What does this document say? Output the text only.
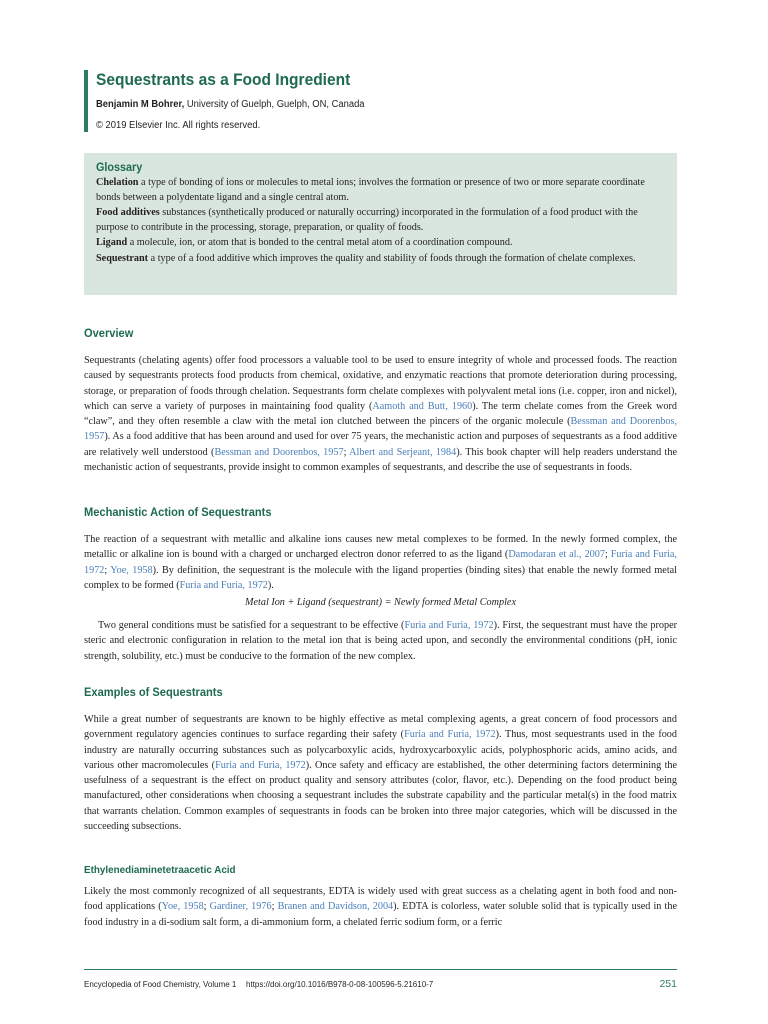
Sequestrants as a Food Ingredient
Benjamin M Bohrer, University of Guelph, Guelph, ON, Canada
© 2019 Elsevier Inc. All rights reserved.
Glossary

Chelation a type of bonding of ions or molecules to metal ions; involves the formation or presence of two or more separate coordinate bonds between a polydentate ligand and a single central atom.

Food additives substances (synthetically produced or naturally occurring) incorporated in the formulation of a food product with the purpose to contribute in the processing, storage, preparation, or quality of foods.

Ligand a molecule, ion, or atom that is bonded to the central metal atom of a coordination compound.

Sequestrant a type of a food additive which improves the quality and stability of foods through the formation of chelate complexes.

Overview

Sequestrants (chelating agents) offer food processors a valuable tool to be used to ensure integrity of whole and processed foods. The reaction caused by sequestrants protects food products from chemical, oxidative, and enzymatic reactions that promote deterioration during processing, storage, or preparation of foods through chelation. Sequestrants form chelate complexes with polyvalent metal ions (i.e. copper, iron and nickel), which can serve a variety of purposes in maintaining food quality (Aamoth and Butt, 1960). The term chelate comes from the Greek word “claw”, and they often resemble a claw with the metal ion clutched between the pincers of the organic molecule (Bessman and Doorenbos, 1957). As a food additive that has been around and used for over 75 years, the mechanistic action and purposes of sequestrants as a food additive are relatively well understood (Bessman and Doorenbos, 1957; Albert and Serjeant, 1984). This book chapter will help readers understand the mechanistic action of sequestrants, provide insight to common examples of sequestrants, and describe the use of sequestrants in foods.

Mechanistic Action of Sequestrants

The reaction of a sequestrant with metallic and alkaline ions causes new metal complexes to be formed. In the newly formed complex, the metallic or alkaline ion is bound with a charged or uncharged electron donor referred to as the ligand (Damodaran et al., 2007; Furia and Furia, 1972; Yoe, 1958). By definition, the sequestrant is the molecule with the ligand properties (binding sites) that enable the newly formed metal complex to be formed (Furia and Furia, 1972).

Metal Ion + Ligand (sequestrant) = Newly formed Metal Complex

Two general conditions must be satisfied for a sequestrant to be effective (Furia and Furia, 1972). First, the sequestrant must have the proper steric and electronic configuration in relation to the metal ion that is being acted upon, and secondly the environmental conditions (pH, ionic strength, solubility, etc.) must be conducive to the formation of the new complex.

Examples of Sequestrants

While a great number of sequestrants are known to be highly effective as metal complexing agents, a great concern of food processors and government regulatory agencies continues to surface regarding their safety (Furia and Furia, 1972). Thus, most sequestrants used in the food industry are naturally occurring substances such as polycarboxylic acids, hydroxycarboxylic acids, polyphosphoric acids, amino acids, and various other macromolecules (Furia and Furia, 1972). Once safety and efficacy are established, the other determining factors determining the usefulness of a sequestrant is the effect on product quality and sensory attributes (color, flavor, etc.). Depending on the food product being manufactured, other considerations when choosing a sequestrant includes the substrate capability and the particular metal(s) in the food matrix that warrants chelation. Common examples of sequestrants in foods can be broken into three major categories, which will be discussed in the succeeding subsections.

Ethylenediaminetetraacetic Acid

Likely the most commonly recognized of all sequestrants, EDTA is widely used with great success as a chelating agent in both food and non-food applications (Yoe, 1958; Gardiner, 1976; Branen and Davidson, 2004). EDTA is colorless, water soluble solid that is typically used in the food industry in a di-sodium salt form, a di-ammonium form, a chelated ferric sodium form, or a ferric

Encyclopedia of Food Chemistry, Volume 1 https://doi.org/10.1016/B978-0-08-100596-5.21610-7	251
